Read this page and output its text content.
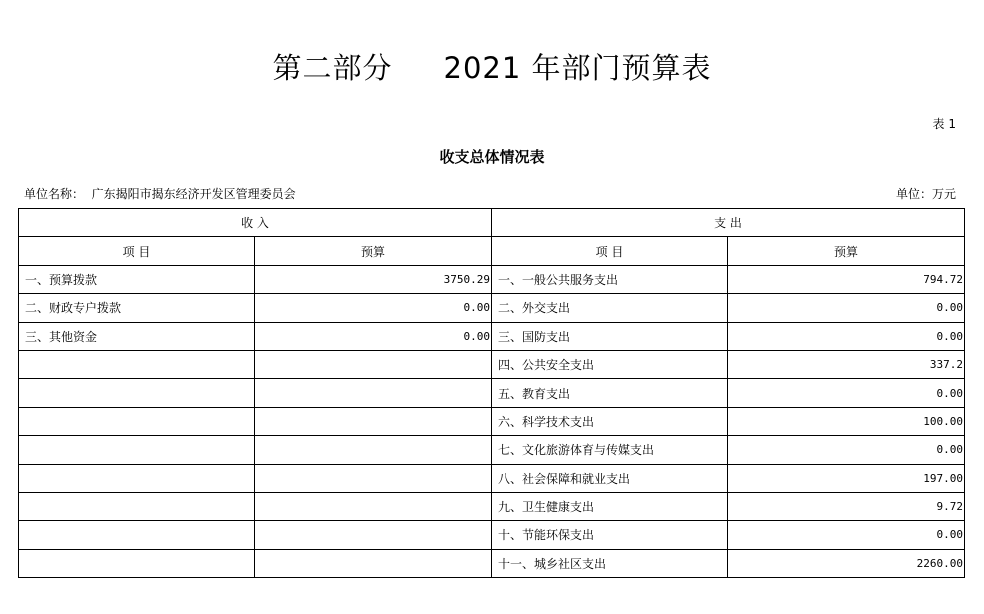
第二部分     2021 年部门预算表
表 1
收支总体情况表
单位名称：  广东揭阳市揭东经济开发区管理委员会	单位：万元
收 入		支 出	
项 目	预算	项 目	预算
一、预算拨款	3750.29	一、一般公共服务支出	794.72
二、财政专户拨款	0.00	二、外交支出	0.00
三、其他资金	0.00	三、国防支出	0.00
		四、公共安全支出	337.2
		五、教育支出	0.00
		六、科学技术支出	100.00
		七、文化旅游体育与传媒支出	0.00
		八、社会保障和就业支出	197.00
		九、卫生健康支出	9.72
		十、节能环保支出	0.00
		十一、城乡社区支出	2260.00
